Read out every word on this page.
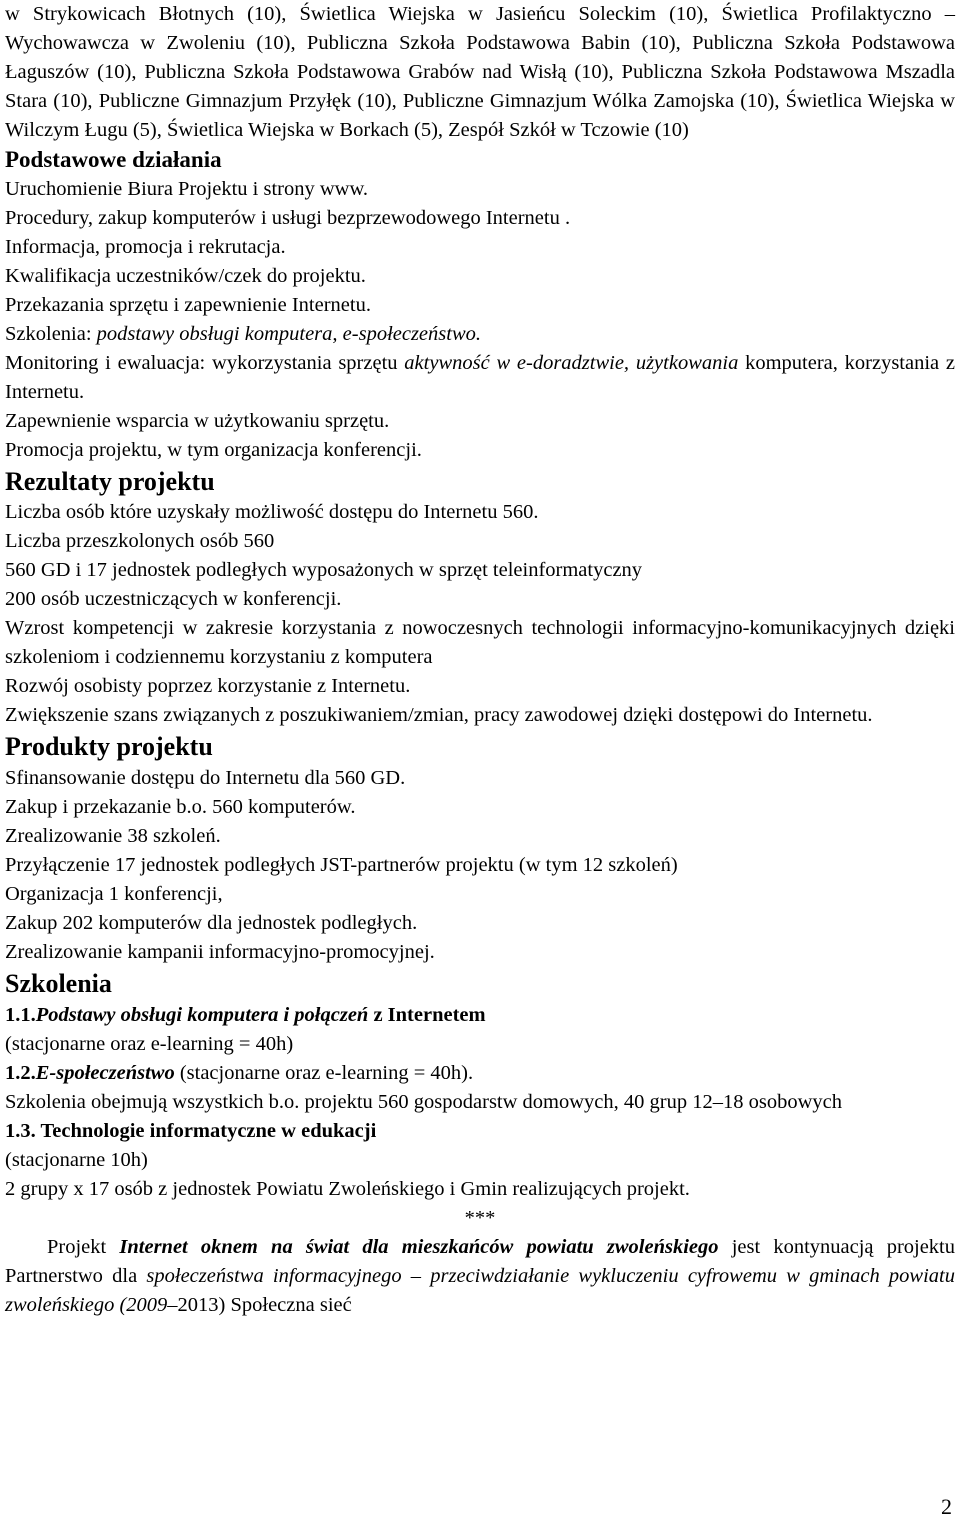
w Strykowicach Błotnych (10), Świetlica Wiejska w Jasieńcu Soleckim (10), Świetlica Profilaktyczno – Wychowawcza w Zwoleniu (10), Publiczna Szkoła Podstawowa Babin (10), Publiczna Szkoła Podstawowa Łaguszów (10), Publiczna Szkoła Podstawowa Grabów nad Wisłą (10), Publiczna Szkoła Podstawowa Mszadla Stara (10), Publiczne Gimnazjum Przyłęk (10), Publiczne Gimnazjum Wólka Zamojska (10), Świetlica Wiejska w Wilczym Ługu (5), Świetlica Wiejska w Borkach (5), Zespół Szkół w Tczowie (10)

Podstawowe działania

Uruchomienie Biura Projektu i strony www.

Procedury, zakup komputerów i usługi bezprzewodowego Internetu .

Informacja, promocja i rekrutacja.

Kwalifikacja uczestników/czek do projektu.

Przekazania sprzętu i zapewnienie Internetu.

Szkolenia: podstawy obsługi komputera, e-społeczeństwo.

Monitoring i ewaluacja: wykorzystania sprzętu aktywność w e-doradztwie, użytkowania komputera, korzystania z Internetu.

Zapewnienie wsparcia w użytkowaniu sprzętu.

Promocja projektu, w tym organizacja konferencji.

Rezultaty projektu

Liczba osób które uzyskały możliwość dostępu do Internetu 560.

Liczba przeszkolonych osób 560

560 GD i 17 jednostek podległych wyposażonych w sprzęt teleinformatyczny

200 osób uczestniczących w konferencji.

Wzrost kompetencji w zakresie korzystania z nowoczesnych technologii informacyjno-komunikacyjnych dzięki szkoleniom i codziennemu korzystaniu z komputera

Rozwój osobisty poprzez korzystanie z Internetu.

Zwiększenie szans związanych z poszukiwaniem/zmian, pracy zawodowej dzięki dostępowi do Internetu.

Produkty projektu

Sfinansowanie dostępu do Internetu dla 560 GD.

Zakup i przekazanie b.o. 560 komputerów.

Zrealizowanie 38 szkoleń.

Przyłączenie 17 jednostek podległych JST-partnerów projektu (w tym 12 szkoleń)

Organizacja 1 konferencji,

Zakup 202 komputerów dla jednostek podległych.

Zrealizowanie kampanii informacyjno-promocyjnej.

Szkolenia

1.1.Podstawy obsługi komputera i połączeń z Internetem

(stacjonarne oraz e-learning = 40h)

1.2.E-społeczeństwo (stacjonarne oraz e-learning = 40h).

Szkolenia obejmują wszystkich b.o. projektu 560 gospodarstw domowych, 40 grup 12–18 osobowych

1.3. Technologie informatyczne w edukacji

(stacjonarne 10h)

2 grupy x 17 osób z jednostek Powiatu Zwoleńskiego i Gmin realizujących projekt.

***

Projekt Internet oknem na świat dla mieszkańców powiatu zwoleńskiego jest kontynuacją projektu Partnerstwo dla społeczeństwa informacyjnego – przeciwdziałanie wykluczeniu cyfrowemu w gminach powiatu zwoleńskiego (2009–2013) Społeczna sieć

2
